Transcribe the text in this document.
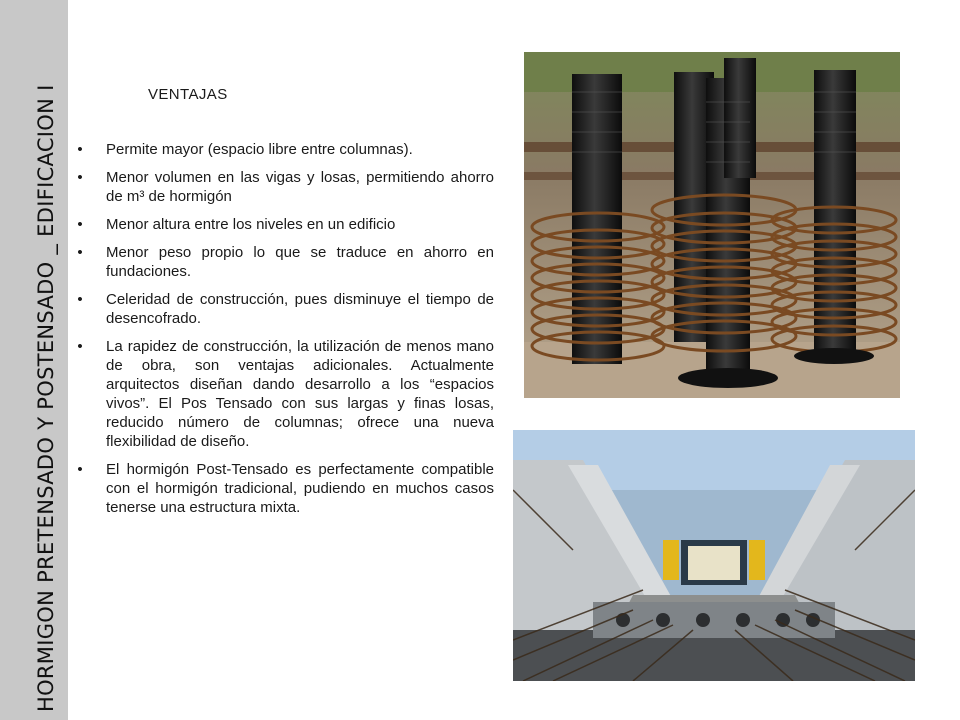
HORMIGON PRETENSADO Y POSTENSADO _ EDIFICACION I	VENTAJAS
• Permite mayor (espacio libre entre columnas).
• Menor volumen en las vigas y losas, permitiendo ahorro de m³ de hormigón
• Menor altura entre los niveles en un edificio
• Menor peso propio lo que se traduce en ahorro en fundaciones.
• Celeridad de construcción, pues disminuye el tiempo de desencofrado.
• La rapidez de construcción, la utilización de menos mano de obra, son ventajas adicionales. Actualmente arquitectos diseñan dando desarrollo a los “espacios vivos”. El Pos Tensado con sus largas y finas losas, reducido número de columnas; ofrece una nueva flexibilidad de diseño.
• El hormigón Post-Tensado es perfectamente compatible con el hormigón tradicional, pudiendo en muchos casos tenerse una estructura mixta.
